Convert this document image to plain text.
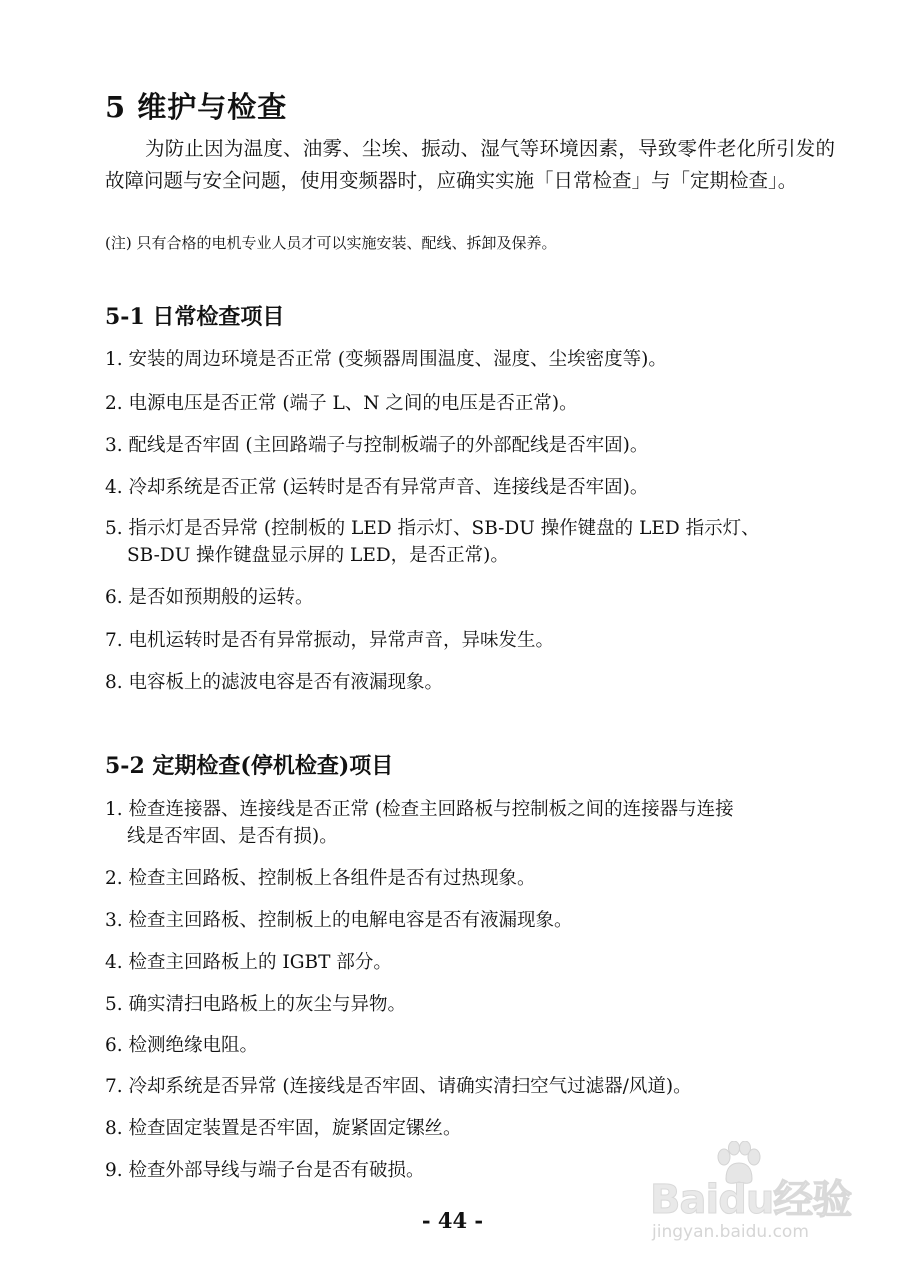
5 维护与检查

为防止因为温度、油雾、尘埃、振动、湿气等环境因素，导致零件老化所引发的故障问题与安全问题，使用变频器时，应确实实施「日常检查」与「定期检查」。

(注) 只有合格的电机专业人员才可以实施安装、配线、拆卸及保养。

5-1 日常检查项目

1. 安装的周边环境是否正常 (变频器周围温度、湿度、尘埃密度等)。

2. 电源电压是否正常 (端子 L、N 之间的电压是否正常)。

3. 配线是否牢固 (主回路端子与控制板端子的外部配线是否牢固)。

4. 冷却系统是否正常 (运转时是否有异常声音、连接线是否牢固)。

5. 指示灯是否异常 (控制板的 LED 指示灯、SB-DU 操作键盘的 LED 指示灯、

SB-DU 操作键盘显示屏的 LED，是否正常)。

6. 是否如预期般的运转。

7. 电机运转时是否有异常振动，异常声音，异味发生。

8. 电容板上的滤波电容是否有液漏现象。

5-2 定期检查(停机检查)项目

1. 检查连接器、连接线是否正常 (检查主回路板与控制板之间的连接器与连接

线是否牢固、是否有损)。

2. 检查主回路板、控制板上各组件是否有过热现象。

3. 检查主回路板、控制板上的电解电容是否有液漏现象。

4. 检查主回路板上的 IGBT 部分。

5. 确实清扫电路板上的灰尘与异物。

6. 检测绝缘电阻。

7. 冷却系统是否异常 (连接线是否牢固、请确实清扫空气过滤器/风道)。

8. 检查固定装置是否牢固，旋紧固定镙丝。

9. 检查外部导线与端子台是否有破损。

- 44 -	Baidu经验

jingyan.baidu.com
